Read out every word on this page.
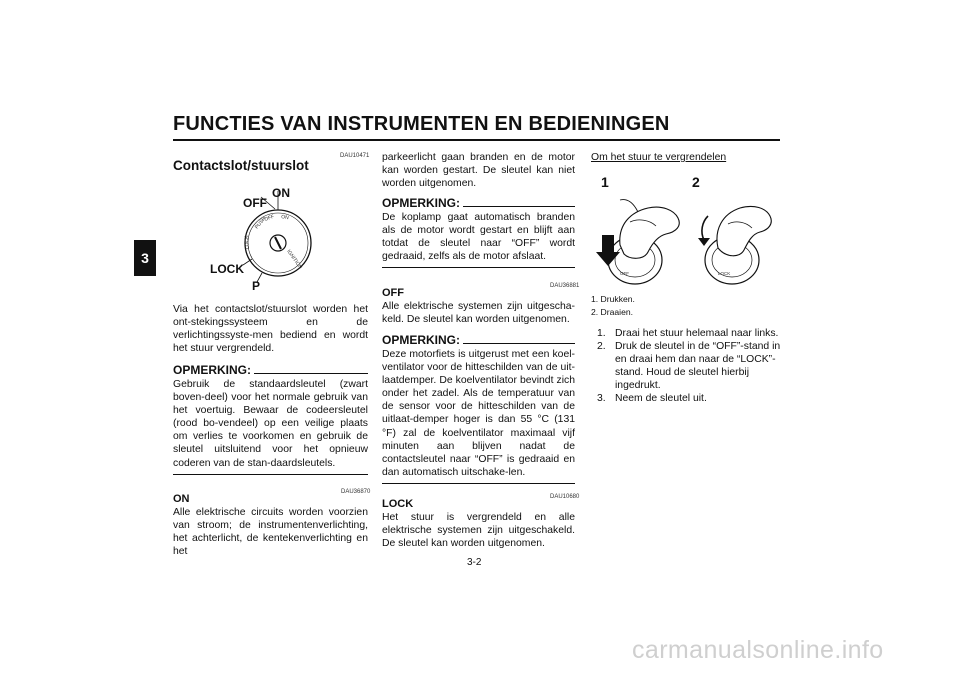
FUNCTIES VAN INSTRUMENTEN EN BEDIENINGEN
3
DAU10471
Contactslot/stuurslot
PUSH
OFF ON
IGNITION
LOCK
OFF
ON
LOCK
P
Via het contactslot/stuurslot worden het ont-stekingssysteem en de verlichtingssyste-men bediend en wordt het stuur vergrendeld.
OPMERKING:
Gebruik de standaardsleutel (zwart boven-deel) voor het normale gebruik van het voertuig. Bewaar de codeersleutel (rood bo-vendeel) op een veilige plaats om verlies te voorkomen en gebruik de sleutel uitsluitend voor het opnieuw coderen van de stan-daardsleutels.
DAU36870
ON
Alle elektrische circuits worden voorzien van stroom; de instrumentenverlichting, het achterlicht, de kentekenverlichting en het
parkeerlicht gaan branden en de motor kan worden gestart. De sleutel kan niet worden uitgenomen.
OPMERKING:
De koplamp gaat automatisch branden als de motor wordt gestart en blijft aan totdat de sleutel naar “OFF” wordt gedraaid, zelfs als de motor afslaat.
DAU36881
OFF
Alle elektrische systemen zijn uitgescha-keld. De sleutel kan worden uitgenomen.
OPMERKING:
Deze motorfiets is uitgerust met een koel-ventilator voor de hitteschilden van de uit-laatdemper. De koelventilator bevindt zich onder het zadel. Als de temperatuur van de sensor voor de hitteschilden van de uitlaat-demper hoger is dan 55 °C (131 °F) zal de koelventilator maximaal vijf minuten aan blijven nadat de contactsleutel naar “OFF” is gedraaid en dan automatisch uitschake-len.
DAU10680
LOCK
Het stuur is vergrendeld en alle elektrische systemen zijn uitgeschakeld. De sleutel kan worden uitgenomen.
Om het stuur te vergrendelen
1	2
OFF	LOCK
1. Drukken.
2. Draaien.
1. Draai het stuur helemaal naar links.
2. Druk de sleutel in de “OFF”-stand in en draai hem dan naar de “LOCK”-stand. Houd de sleutel hierbij ingedrukt.
3. Neem de sleutel uit.
3-2
carmanualsonline.info
